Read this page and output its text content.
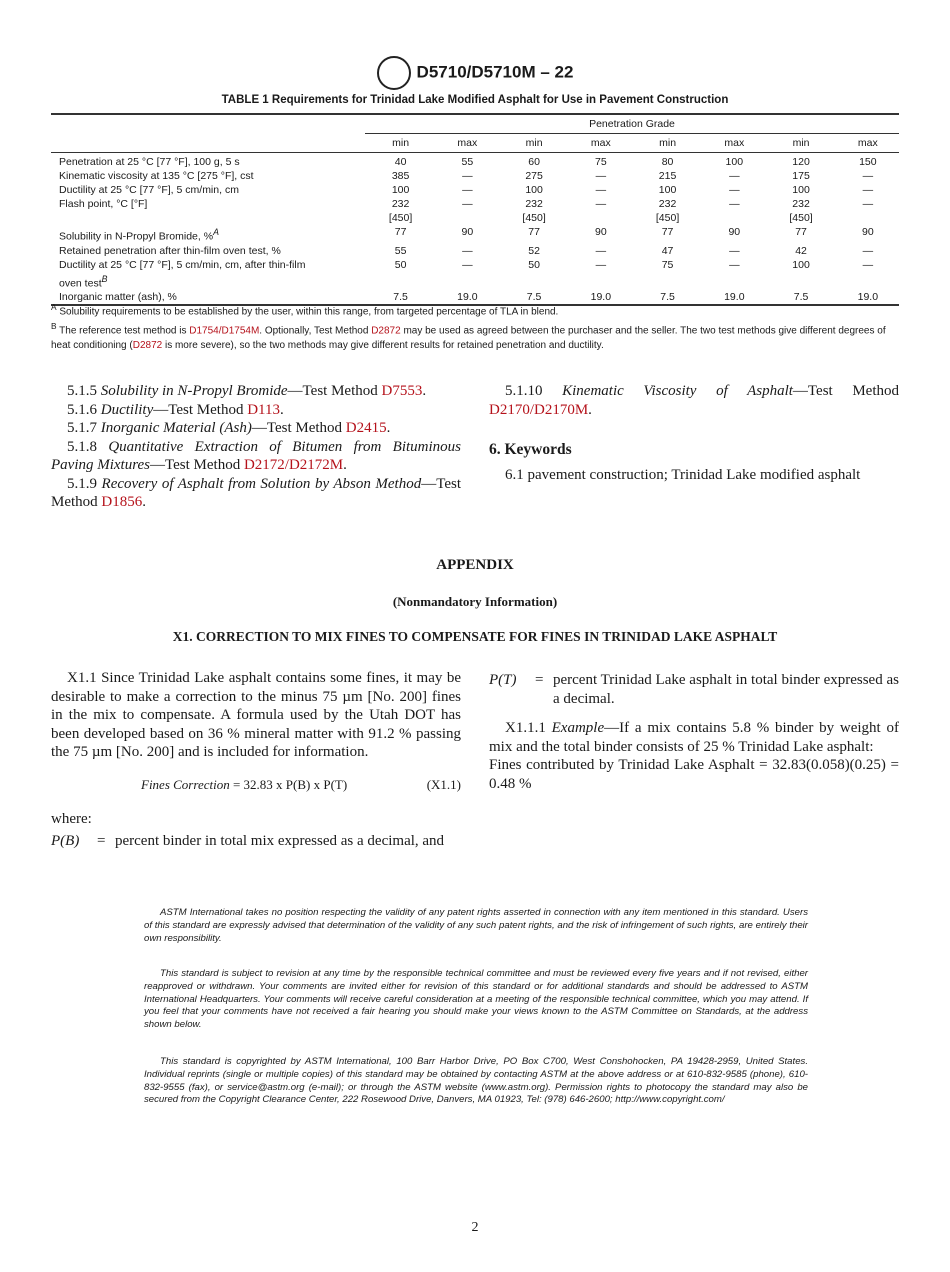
D5710/D5710M – 22
TABLE 1 Requirements for Trinidad Lake Modified Asphalt for Use in Pavement Construction
	Penetration Grade							
	min	max	min	max	min	max	min	max
Penetration at 25 °C [77 °F], 100 g, 5 s	40	55	60	75	80	100	120	150
Kinematic viscosity at 135 °C [275 °F], cst	385	—	275	—	215	—	175	—
Ductility at 25 °C [77 °F], 5 cm/min, cm	100	—	100	—	100	—	100	—
Flash point, °C [°F]	232	—	232	—	232	—	232	—
	[450]		[450]		[450]		[450]	
Solubility in N-Propyl Bromide, %$^A$	77	90	77	90	77	90	77	90
Retained penetration after thin-film oven test, %	55	—	52	—	47	—	42	—
Ductility at 25 °C [77 °F], 5 cm/min, cm, after thin-film	50	—	50	—	75	—	100	—
oven test$^B$								
Inorganic matter (ash), %	7.5	19.0	7.5	19.0	7.5	19.0	7.5	19.0
$^A$ Solubility requirements to be established by the user, within this range, from targeted percentage of TLA in blend.
$^B$ The reference test method is D1754/D1754M. Optionally, Test Method D2872 may be used as agreed between the purchaser and the seller. The two test methods give different degrees of heat conditioning (D2872 is more severe), so the two methods may give different results for retained penetration and ductility.

5.1.5 Solubility in N-Propyl Bromide—Test Method D7553.

5.1.6 Ductility—Test Method D113.

5.1.7 Inorganic Material (Ash)—Test Method D2415.

5.1.8 Quantitative Extraction of Bitumen from Bituminous Paving Mixtures—Test Method D2172/D2172M.

5.1.9 Recovery of Asphalt from Solution by Abson Method—Test Method D1856.

5.1.10 Kinematic Viscosity of Asphalt—Test Method D2170/D2170M.

6. Keywords

6.1 pavement construction; Trinidad Lake modified asphalt

APPENDIX
(Nonmandatory Information)
X1. CORRECTION TO MIX FINES TO COMPENSATE FOR FINES IN TRINIDAD LAKE ASPHALT

X1.1 Since Trinidad Lake asphalt contains some fines, it may be desirable to make a correction to the minus 75 µm [No. 200] fines in the mix to compensate. A formula used by the Utah DOT has been developed based on 36 % mineral matter with 91.2 % passing the 75 µm [No. 200] and is included for information.

Fines Correction = 32.83 x P(B) x P(T)	(X1.1)
where:
P(B)	= percent binder in total mix expressed as a decimal, and
P(T)	= percent Trinidad Lake asphalt in total binder expressed as a decimal.

X1.1.1 Example—If a mix contains 5.8 % binder by weight of mix and the total binder consists of 25 % Trinidad Lake asphalt:

Fines contributed by Trinidad Lake Asphalt = 32.83(0.058)(0.25) = 0.48 %
ASTM International takes no position respecting the validity of any patent rights asserted in connection with any item mentioned in this standard. Users of this standard are expressly advised that determination of the validity of any such patent rights, and the risk of infringement of such rights, are entirely their own responsibility.
This standard is subject to revision at any time by the responsible technical committee and must be reviewed every five years and if not revised, either reapproved or withdrawn. Your comments are invited either for revision of this standard or for additional standards and should be addressed to ASTM International Headquarters. Your comments will receive careful consideration at a meeting of the responsible technical committee, which you may attend. If you feel that your comments have not received a fair hearing you should make your views known to the ASTM Committee on Standards, at the address shown below.
This standard is copyrighted by ASTM International, 100 Barr Harbor Drive, PO Box C700, West Conshohocken, PA 19428-2959, United States. Individual reprints (single or multiple copies) of this standard may be obtained by contacting ASTM at the above address or at 610-832-9585 (phone), 610-832-9555 (fax), or service@astm.org (e-mail); or through the ASTM website (www.astm.org). Permission rights to photocopy the standard may also be secured from the Copyright Clearance Center, 222 Rosewood Drive, Danvers, MA 01923, Tel: (978) 646-2600; http://www.copyright.com/
2
